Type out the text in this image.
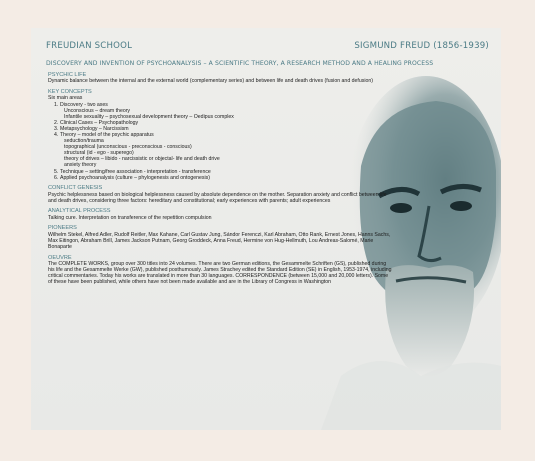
FREUDIAN SCHOOL	SIGMUND FREUD (1856-1939)
DISCOVERY AND INVENTION OF PSYCHOANALYSIS – A SCIENTIFIC THEORY, A RESEARCH METHOD AND A HEALING PROCESS
PSYCHIC LIFE
Dynamic balance between the internal and the external world (complementary series) and between life and death drives (fusion and defusion)
KEY CONCEPTS
Six main areas
1. Discovery - two axes
Unconscious – dream theory
Infantile sexuality – psychosexual development theory – Oedipus complex
2. Clinical Cases – Psychopathology
3. Metapsychology – Narcissism
4. Theory – model of the psychic apparatus
seduction/trauma
topographical (unconscious - preconscious - conscious)
structural (id - ego - superego)
theory of drives – libido - narcissistic or objectal- life and death drive
anxiety theory
5. Technique – setting/free association - interpretation - transference
6. Applied psychoanalysis (culture – phylogenesis and ontogenesis)
CONFLICT GENESIS
Psychic helplessness based on biological helplessness caused by absolute dependence on the mother. Separation anxiety and conflict between life and death drives, considering three factors: hereditary and constitutional; early experiences with parents; adult experiences
ANALYTICAL PROCESS
Talking cure. Interpretation on transference of the repetition compulsion
PIONEERS
Wilhelm Stekel, Alfred Adler, Rudolf Reitler, Max Kahane, Carl Gustav Jung, Sándor Ferenczi, Karl Abraham, Otto Rank, Ernest Jones, Hanns Sachs, Max Eitingon, Abraham Brill, James Jackson Putnam, Georg Groddeck, Anna Freud, Hermine von Hug-Hellmuth, Lou Andreas-Salomé, Marie Bonaparte
OEUVRE
The COMPLETE WORKS, group over 300 titles into 24 volumes. There are two German editions, the Gesammelte Schriften (GS), published during his life and the Gesammelte Werke (GW), published posthumously. James Strachey edited the Standard Edition (SE) in English, 1953-1974, including critical commentaries. Today his works are translated in more than 30 languages. CORRESPONDENCE (between 15,000 and 20,000 letters). Some of these have been published, while others have not been made available and are in the Library of Congress in Washington
